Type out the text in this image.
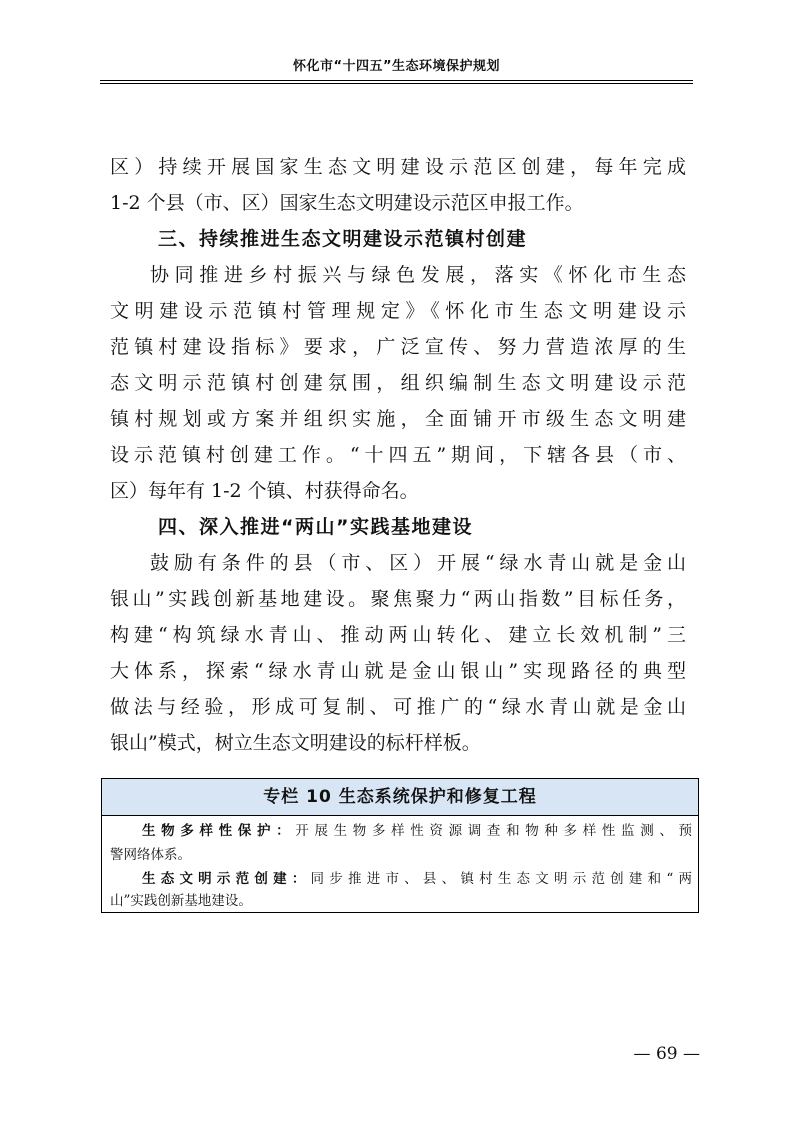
怀化市“十四五”生态环境保护规划
区）持续开展国家生态文明建设示范区创建，每年完成
1-2 个县（市、区）国家生态文明建设示范区申报工作。
三、持续推进生态文明建设示范镇村创建
协同推进乡村振兴与绿色发展，落实《怀化市生态
文明建设示范镇村管理规定》《怀化市生态文明建设示
范镇村建设指标》要求，广泛宣传、努力营造浓厚的生
态文明示范镇村创建氛围，组织编制生态文明建设示范
镇村规划或方案并组织实施，全面铺开市级生态文明建
设示范镇村创建工作。“十四五”期间，下辖各县（市、
区）每年有 1-2 个镇、村获得命名。
四、深入推进“两山”实践基地建设
鼓励有条件的县（市、区）开展“绿水青山就是金山
银山”实践创新基地建设。聚焦聚力“两山指数”目标任务，
构建“构筑绿水青山、推动两山转化、建立长效机制”三
大体系，探索“绿水青山就是金山银山”实现路径的典型
做法与经验，形成可复制、可推广的“绿水青山就是金山
银山”模式，树立生态文明建设的标杆样板。
专栏 10 生态系统保护和修复工程
生物多样性保护：开展生物多样性资源调查和物种多样性监测、预
警网络体系。
生态文明示范创建：同步推进市、县、镇村生态文明示范创建和“两
山”实践创新基地建设。
— 69 —
